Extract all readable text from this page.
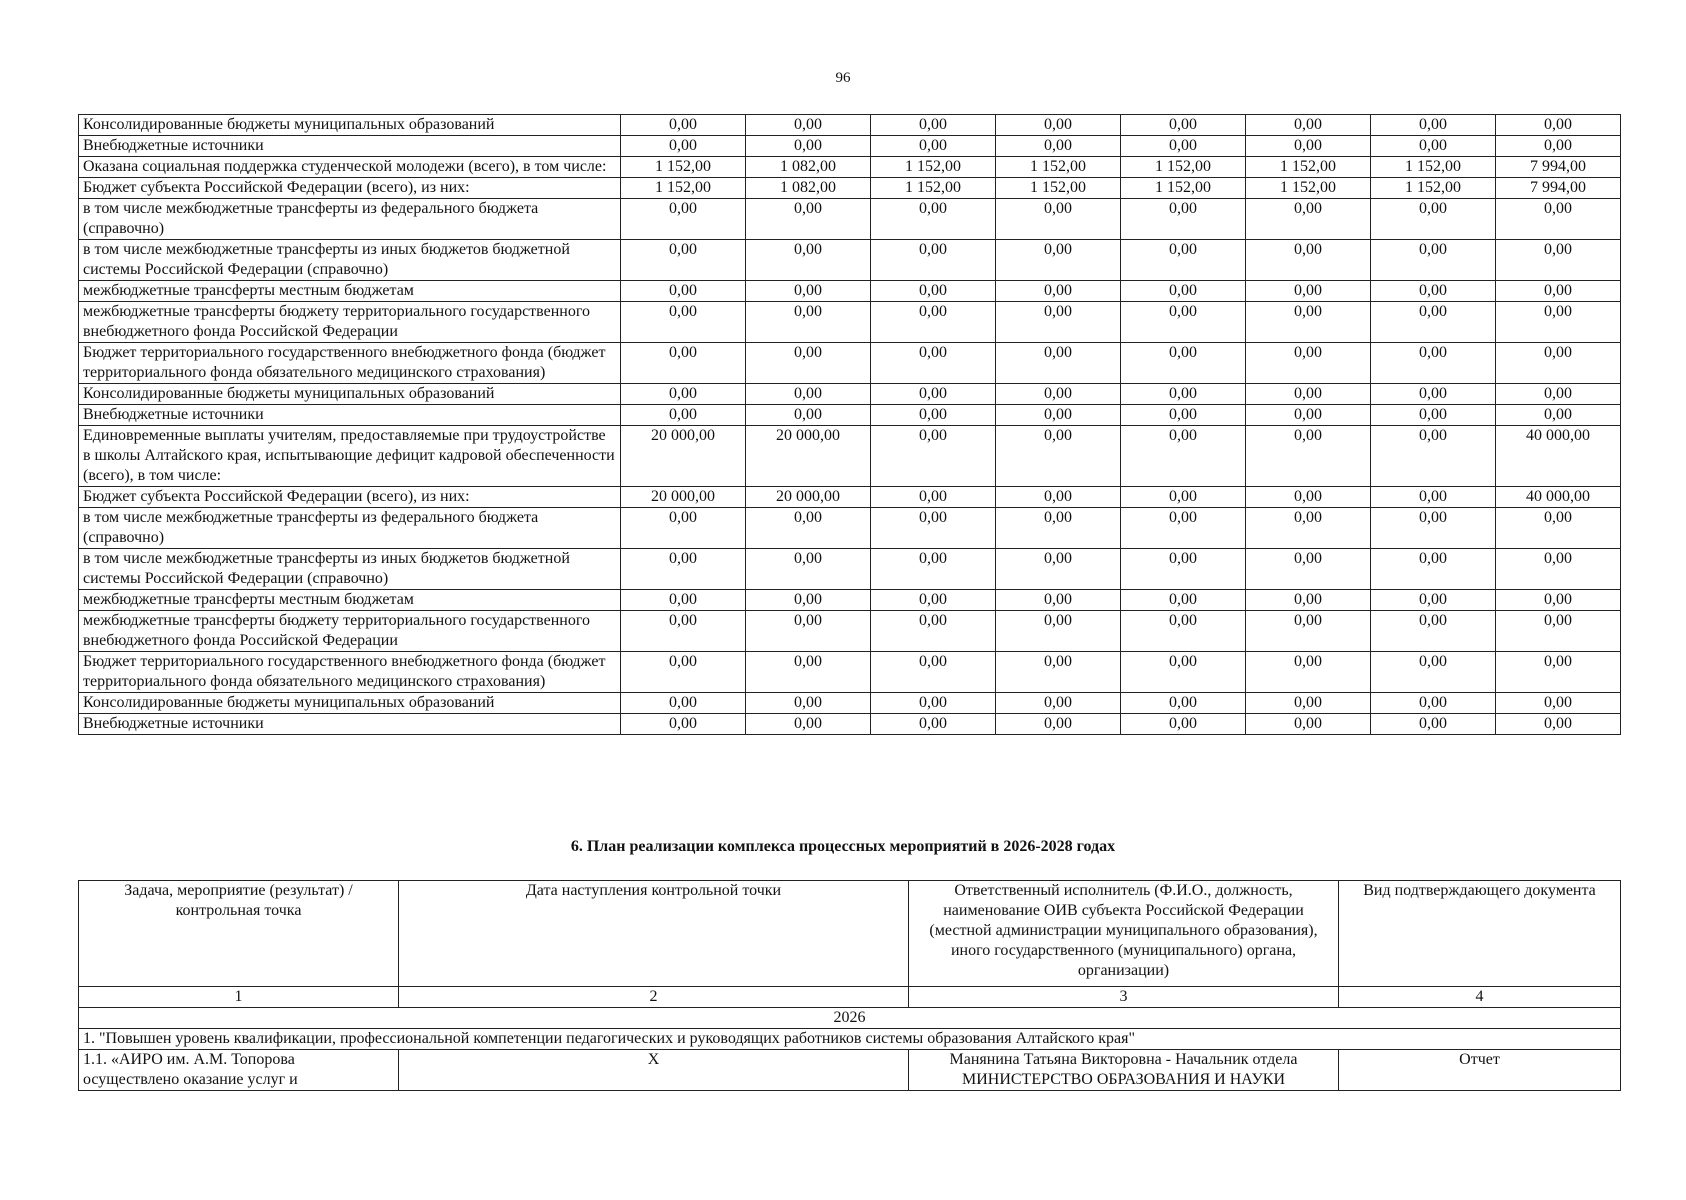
96
Консолидированные бюджеты муниципальных образований	0,00	0,00	0,00	0,00	0,00	0,00	0,00	0,00
Внебюджетные источники	0,00	0,00	0,00	0,00	0,00	0,00	0,00	0,00
Оказана социальная поддержка студенческой молодежи (всего), в том числе:	1 152,00	1 082,00	1 152,00	1 152,00	1 152,00	1 152,00	1 152,00	7 994,00
Бюджет субъекта Российской Федерации (всего), из них:	1 152,00	1 082,00	1 152,00	1 152,00	1 152,00	1 152,00	1 152,00	7 994,00
в том числе межбюджетные трансферты из федерального бюджета (справочно)	0,00	0,00	0,00	0,00	0,00	0,00	0,00	0,00
в том числе межбюджетные трансферты из иных бюджетов бюджетной системы Российской Федерации (справочно)	0,00	0,00	0,00	0,00	0,00	0,00	0,00	0,00
межбюджетные трансферты местным бюджетам	0,00	0,00	0,00	0,00	0,00	0,00	0,00	0,00
межбюджетные трансферты бюджету территориального государственного внебюджетного фонда Российской Федерации	0,00	0,00	0,00	0,00	0,00	0,00	0,00	0,00
Бюджет территориального государственного внебюджетного фонда (бюджет территориального фонда обязательного медицинского страхования)	0,00	0,00	0,00	0,00	0,00	0,00	0,00	0,00
Консолидированные бюджеты муниципальных образований	0,00	0,00	0,00	0,00	0,00	0,00	0,00	0,00
Внебюджетные источники	0,00	0,00	0,00	0,00	0,00	0,00	0,00	0,00
Единовременные выплаты учителям, предоставляемые при трудоустройстве в школы Алтайского края, испытывающие дефицит кадровой обеспеченности (всего), в том числе:	20 000,00	20 000,00	0,00	0,00	0,00	0,00	0,00	40 000,00
Бюджет субъекта Российской Федерации (всего), из них:	20 000,00	20 000,00	0,00	0,00	0,00	0,00	0,00	40 000,00
в том числе межбюджетные трансферты из федерального бюджета (справочно)	0,00	0,00	0,00	0,00	0,00	0,00	0,00	0,00
в том числе межбюджетные трансферты из иных бюджетов бюджетной системы Российской Федерации (справочно)	0,00	0,00	0,00	0,00	0,00	0,00	0,00	0,00
межбюджетные трансферты местным бюджетам	0,00	0,00	0,00	0,00	0,00	0,00	0,00	0,00
межбюджетные трансферты бюджету территориального государственного внебюджетного фонда Российской Федерации	0,00	0,00	0,00	0,00	0,00	0,00	0,00	0,00
Бюджет территориального государственного внебюджетного фонда (бюджет территориального фонда обязательного медицинского страхования)	0,00	0,00	0,00	0,00	0,00	0,00	0,00	0,00
Консолидированные бюджеты муниципальных образований	0,00	0,00	0,00	0,00	0,00	0,00	0,00	0,00
Внебюджетные источники	0,00	0,00	0,00	0,00	0,00	0,00	0,00	0,00
6. План реализации комплекса процессных мероприятий в 2026-2028 годах
Задача, мероприятие (результат) / контрольная точка	Дата наступления контрольной точки	Ответственный исполнитель (Ф.И.О., должность, наименование ОИВ субъекта Российской Федерации (местной администрации муниципального образования), иного государственного (муниципального) органа, организации)	Вид подтверждающего документа
1	2	3	4
2026			
1. "Повышен уровень квалификации, профессиональной компетенции педагогических и руководящих работников системы образования Алтайского края"			
1.1. «АИРО им. А.М. Топорова осуществлено оказание услуг и	X	Манянина Татьяна Викторовна - Начальник отдела МИНИСТЕРСТВО ОБРАЗОВАНИЯ И НАУКИ	Отчет
